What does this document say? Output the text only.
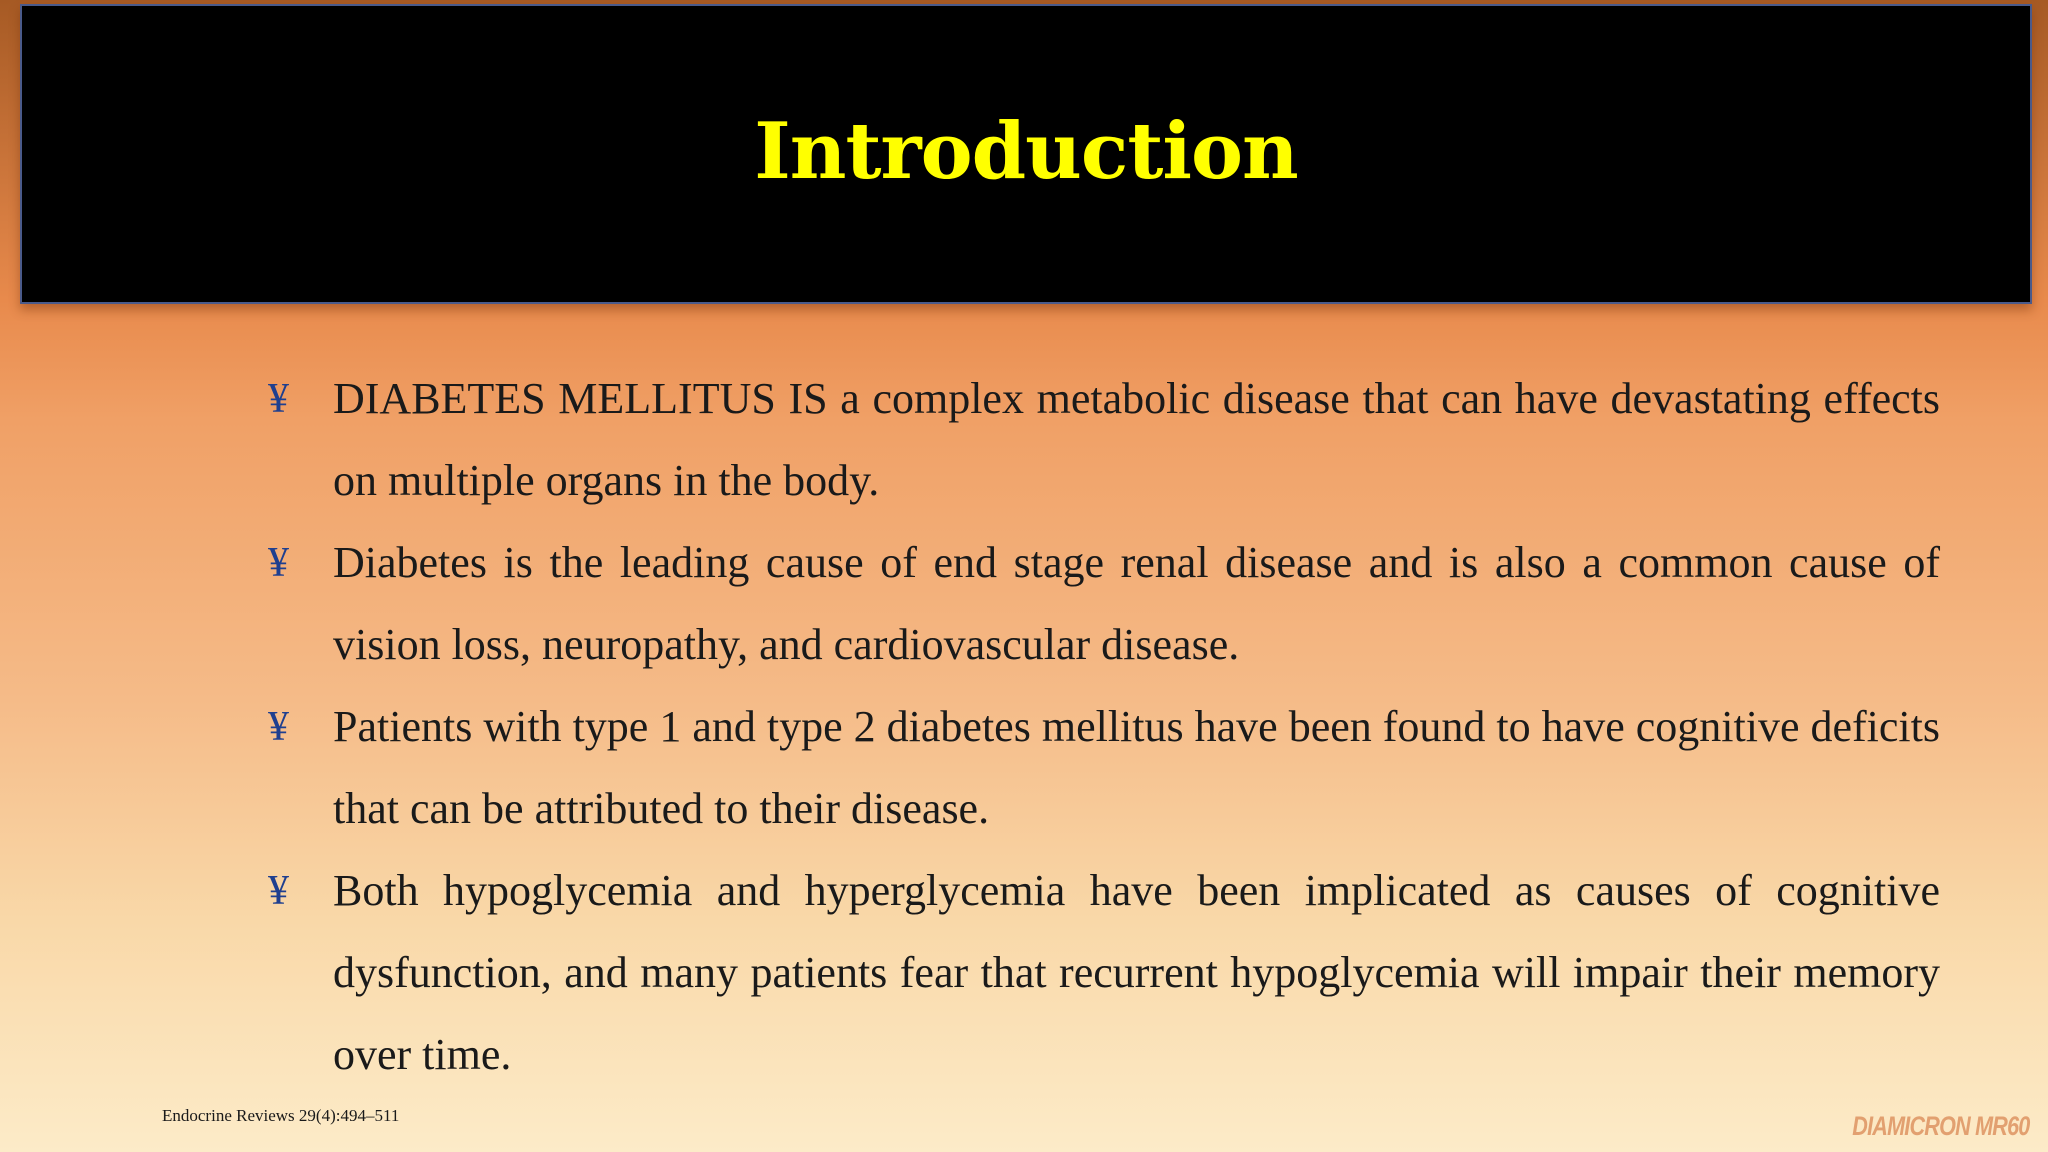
Introduction
¥ DIABETES MELLITUS IS a complex metabolic disease that can have devastating effects on multiple organs in the body.
¥ Diabetes is the leading cause of end stage renal disease and is also a common cause of vision loss, neuropathy, and cardiovascular disease.
¥ Patients with type 1 and type 2 diabetes mellitus have been found to have cognitive deficits that can be attributed to their disease.
¥ Both hypoglycemia and hyperglycemia have been implicated as causes of cognitive dysfunction, and many patients fear that recurrent hypoglycemia will impair their memory over time.
Endocrine Reviews 29(4):494–511	DIAMICRON MR60
